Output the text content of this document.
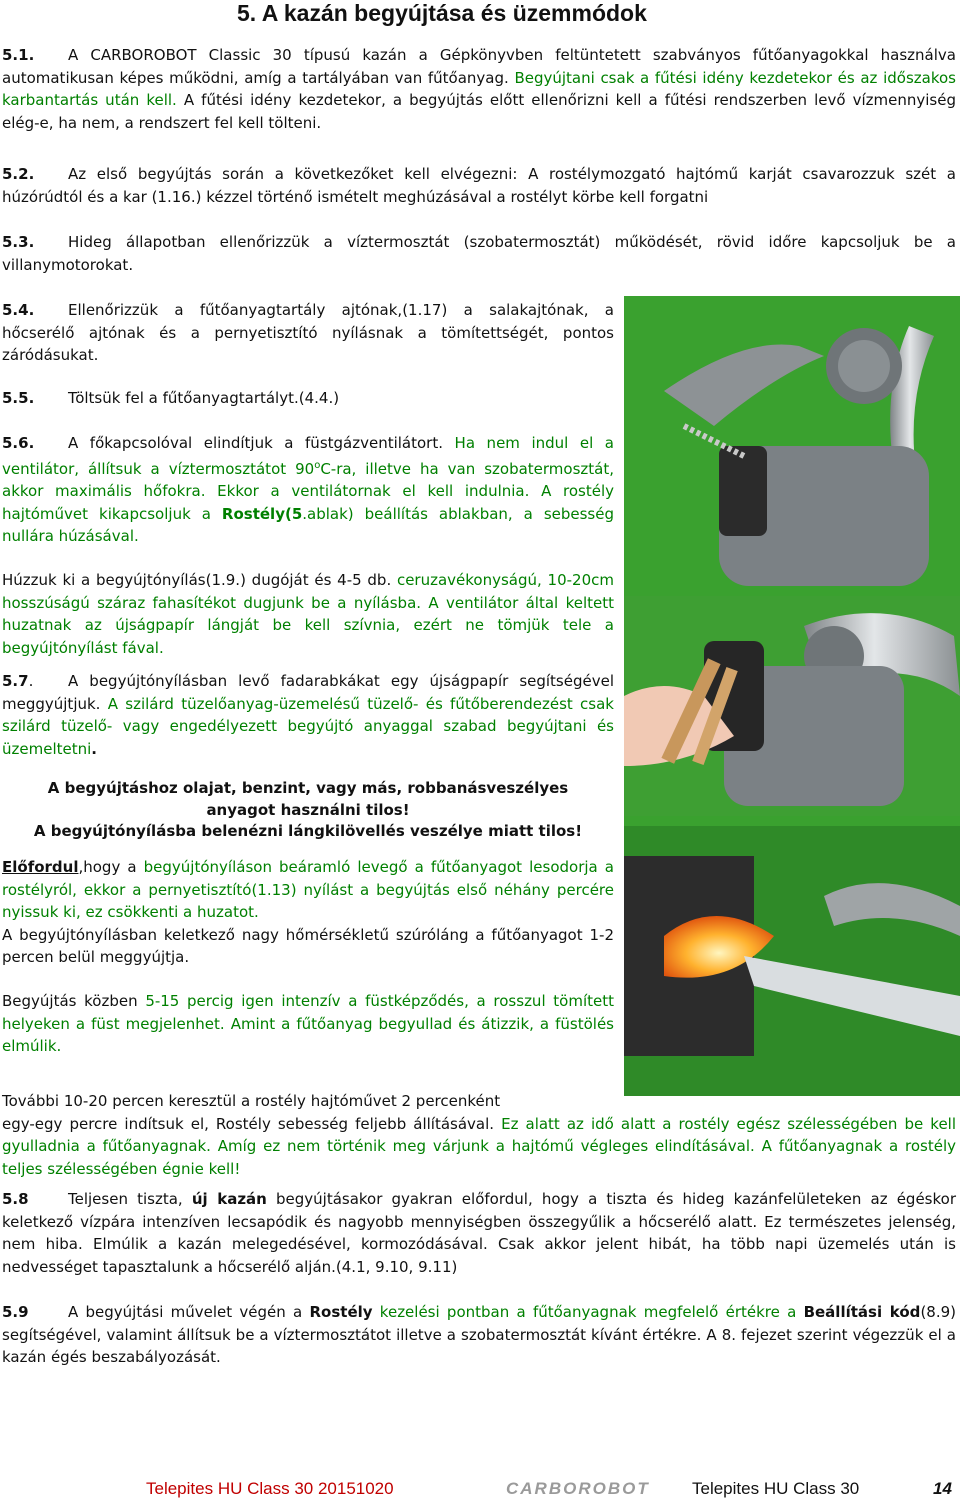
5. A kazán begyújtása és üzemmódok

5.1. A CARBOROBOT Classic 30 típusú kazán a Gépkönyvben feltüntetett szabványos fűtőanyagokkal használva automatikusan képes működni, amíg a tartályában van fűtőanyag. Begyújtani csak a fűtési idény kezdetekor és az időszakos karbantartás után kell. A fűtési idény kezdetekor, a begyújtás előtt ellenőrizni kell a fűtési rendszerben levő vízmennyiség elég-e, ha nem, a rendszert fel kell tölteni.

5.2. Az első begyújtás során a következőket kell elvégezni: A rostélymozgató hajtómű karját csavarozzuk szét a húzórúdtól és a kar (1.16.) kézzel történő ismételt meghúzásával a rostélyt körbe kell forgatni

5.3. Hideg állapotban ellenőrizzük a víztermosztát (szobatermosztát) működését, rövid időre kapcsoljuk be a villanymotorokat.

5.4. Ellenőrizzük a fűtőanyagtartály ajtónak,(1.17) a salakajtónak, a hőcserélő ajtónak és a pernyetisztító nyílásnak a tömítettségét, pontos záródásukat.

5.5. Töltsük fel a fűtőanyagtartályt.(4.4.)

5.6. A főkapcsolóval elindítjuk a füstgázventilátort. Ha nem indul el a ventilátor, állítsuk a víztermosztátot 90$^o$C-ra, illetve ha van szobatermosztát, akkor maximális hőfokra. Ekkor a ventilátornak el kell indulnia. A rostély hajtóművet kikapcsoljuk a Rostély(5.ablak) beállítás ablakban, a sebesség nullára húzásával.

Húzzuk ki a begyújtónyílás(1.9.) dugóját és 4-5 db. ceruzavékonyságú, 10-20cm hosszúságú száraz fahasítékot dugjunk be a nyílásba. A ventilátor által keltett huzatnak az újságpapír lángját be kell szívnia, ezért ne tömjük tele a begyújtónyílást fával.

5.7. A begyújtónyílásban levő fadarabkákat egy újságpapír segítségével meggyújtjuk. A szilárd tüzelőanyag-üzemelésű tüzelő- és fűtőberendezést csak szilárd tüzelő- vagy engedélyezett begyújtó anyaggal szabad begyújtani és üzemeltetni.

A begyújtáshoz olajat, benzint, vagy más, robbanásveszélyes
anyagot használni tilos!
A begyújtónyílásba belenézni lángkilövellés veszélye miatt tilos!

Előfordul,hogy a begyújtónyíláson beáramló levegő a fűtőanyagot lesodorja a rostélyról, ekkor a pernyetisztító(1.13) nyílást a begyújtás első néhány percére nyissuk ki, ez csökkenti a huzatot.
A begyújtónyílásban keletkező nagy hőmérsékletű szúróláng a fűtőanyagot 1-2 percen belül meggyújtja.

Begyújtás közben 5-15 percig igen intenzív a füstképződés, a rosszul tömített helyeken a füst megjelenhet. Amint a fűtőanyag begyullad és átizzik, a füstölés elmúlik.

További 10-20 percen keresztül a rostély hajtóművet 2 percenként
egy-egy percre indítsuk el, Rostély sebesség feljebb állításával. Ez alatt az idő alatt a rostély egész szélességében be kell gyulladnia a fűtőanyagnak. Amíg ez nem történik meg várjunk a hajtómű végleges elindításával. A fűtőanyagnak a rostély teljes szélességében égnie kell!

5.8	Teljesen tiszta, új kazán begyújtásakor gyakran előfordul, hogy a tiszta és hideg kazánfelületeken az égéskor keletkező vízpára intenzíven lecsapódik és nagyobb mennyiségben összegyűlik a hőcserélő alatt. Ez természetes jelenség, nem hiba. Elmúlik a kazán melegedésével, kormozódásával. Csak akkor jelent hibát, ha több napi üzemelés után is nedvességet tapasztalunk a hőcserélő alján.(4.1, 9.10, 9.11)

5.9	A begyújtási művelet végén a Rostély kezelési pontban a fűtőanyagnak megfelelő értékre a Beállítási kód(8.9) segítségével, valamint állítsuk be a víztermosztátot illetve a szobatermosztát kívánt értékre. A 8. fejezet szerint végezzük el a kazán égés beszabályozását.

Telepites HU Class 30 20151020	CARBOROBOT Telepites HU Class 30	14
